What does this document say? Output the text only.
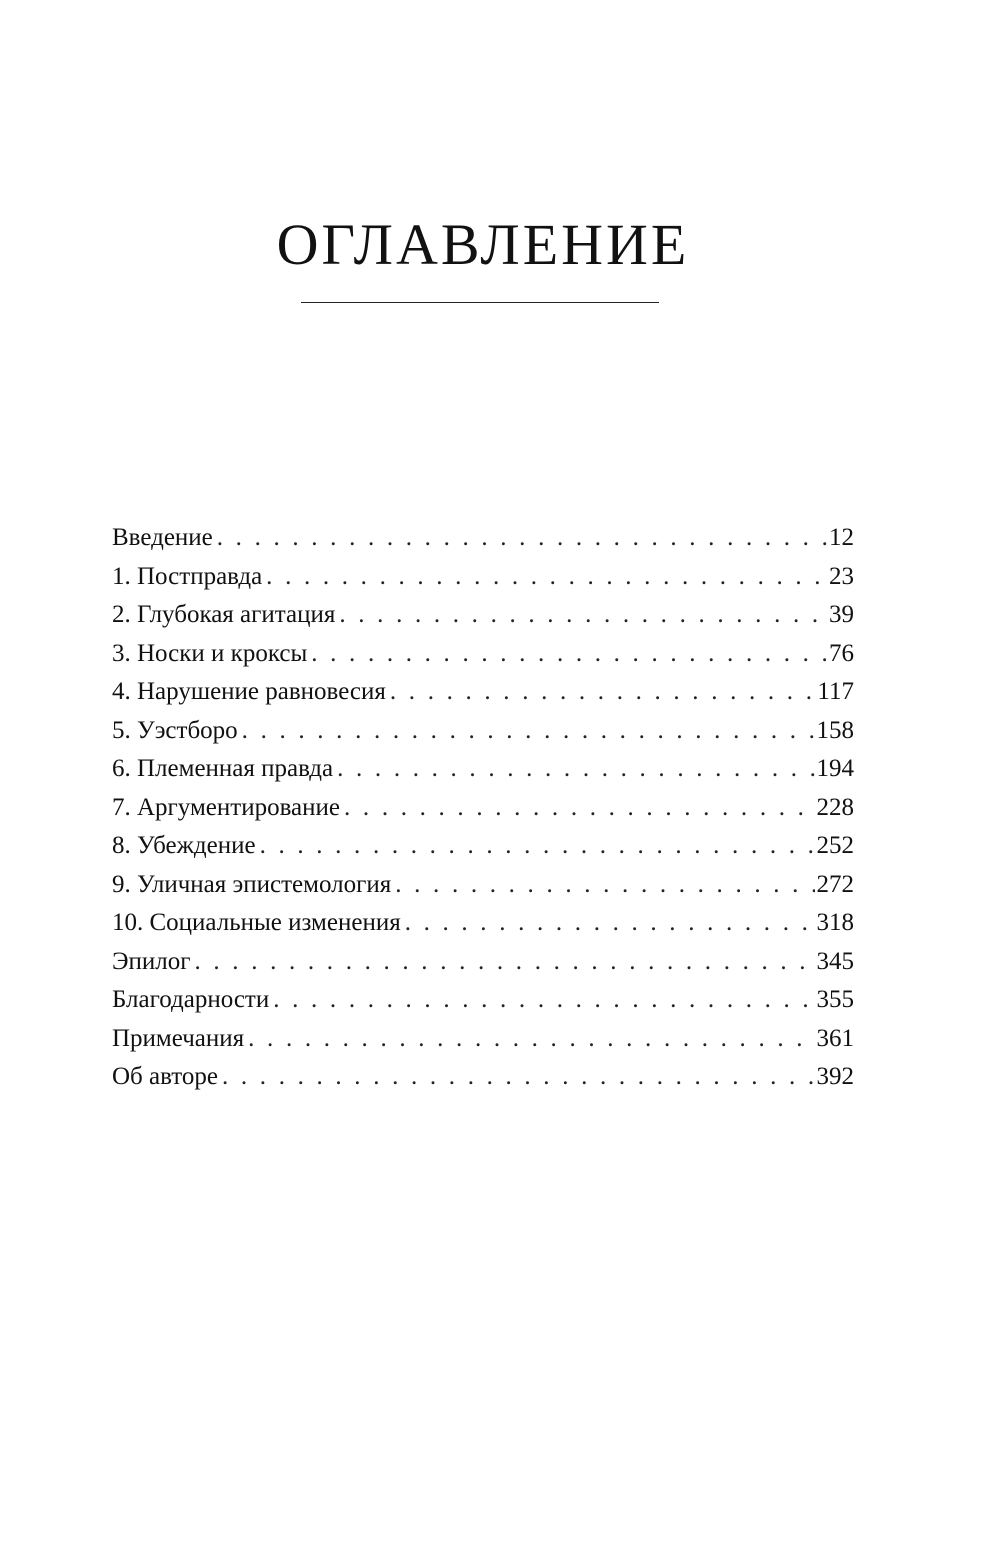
ОГЛАВЛЕНИЕ
Введение . . .	12
1. Постправда . . .	23
2. Глубокая агитация . . .	39
3. Носки и кроксы . . .	76
4. Нарушение равновесия . . .	117
5. Уэстборо . . .	158
6. Племенная правда . . .	194
7. Аргументирование . . .	228
8. Убеждение . . .	252
9. Уличная эпистемология . . .	272
10. Социальные изменения . . .	318
Эпилог . . .	345
Благодарности . . .	355
Примечания . . .	361
Об авторе . . .	392
